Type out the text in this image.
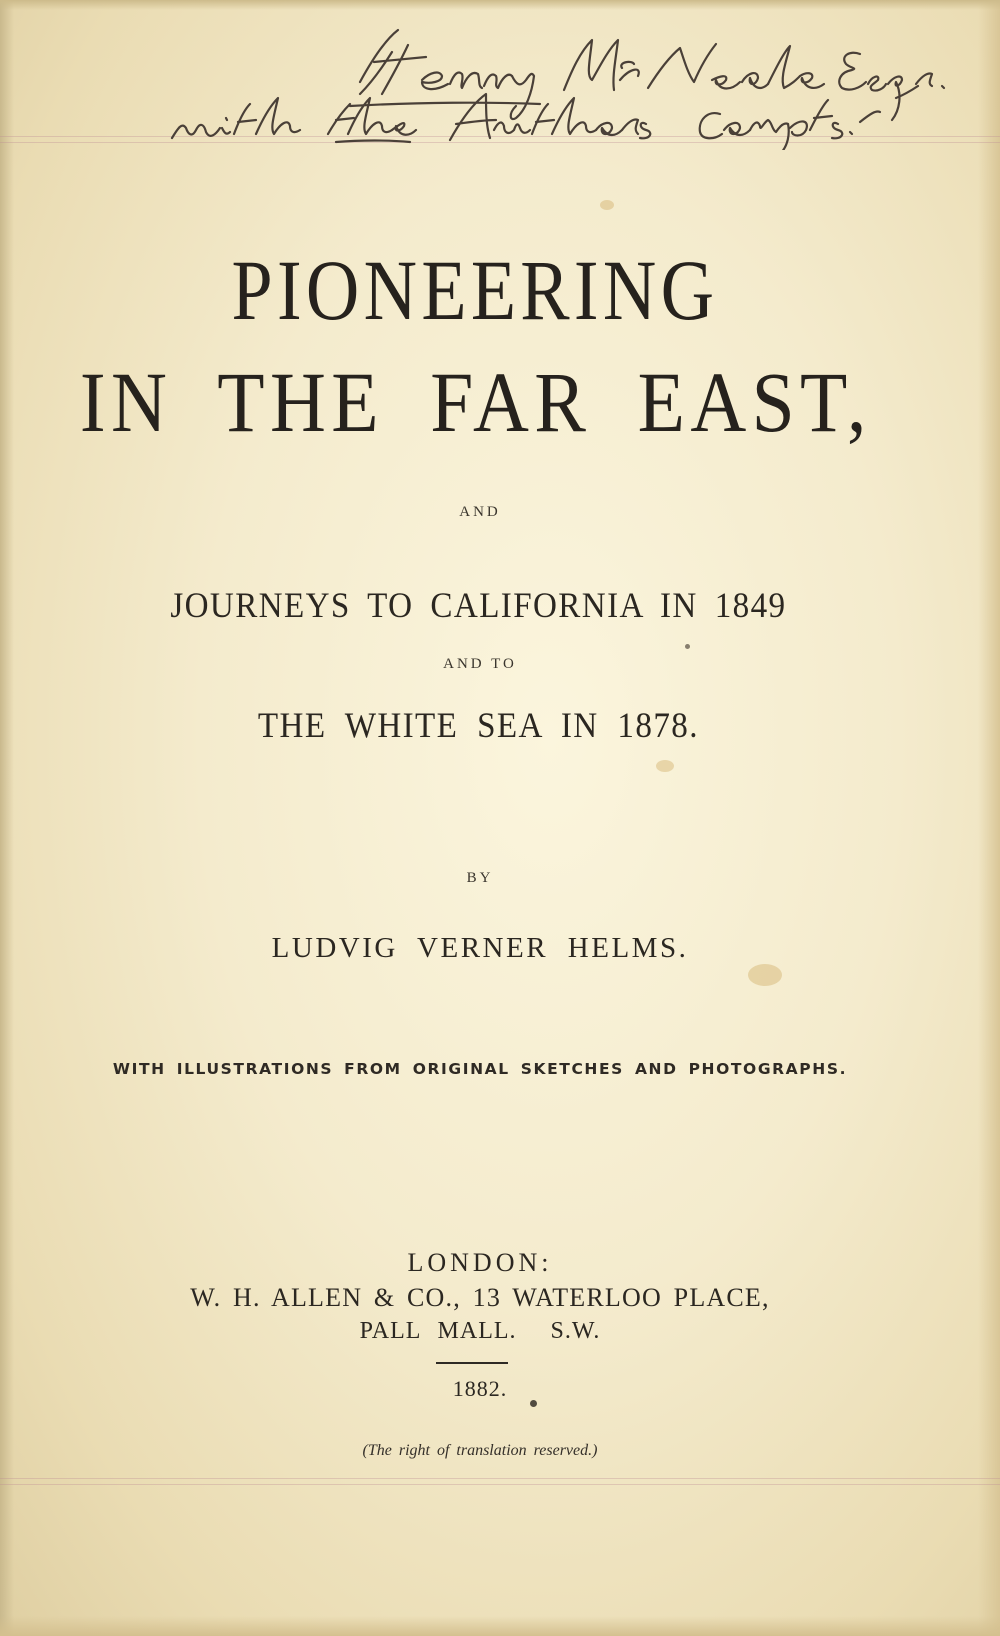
PIONEERING
IN THE FAR EAST,
AND
JOURNEYS TO CALIFORNIA IN 1849
AND TO
THE WHITE SEA IN 1878.
BY
LUDVIG VERNER HELMS.
WITH ILLUSTRATIONS FROM ORIGINAL SKETCHES AND PHOTOGRAPHS.
LONDON:
W. H. ALLEN & CO., 13 WATERLOO PLACE,
PALL MALL.  S.W.
1882.
(The right of translation reserved.)
